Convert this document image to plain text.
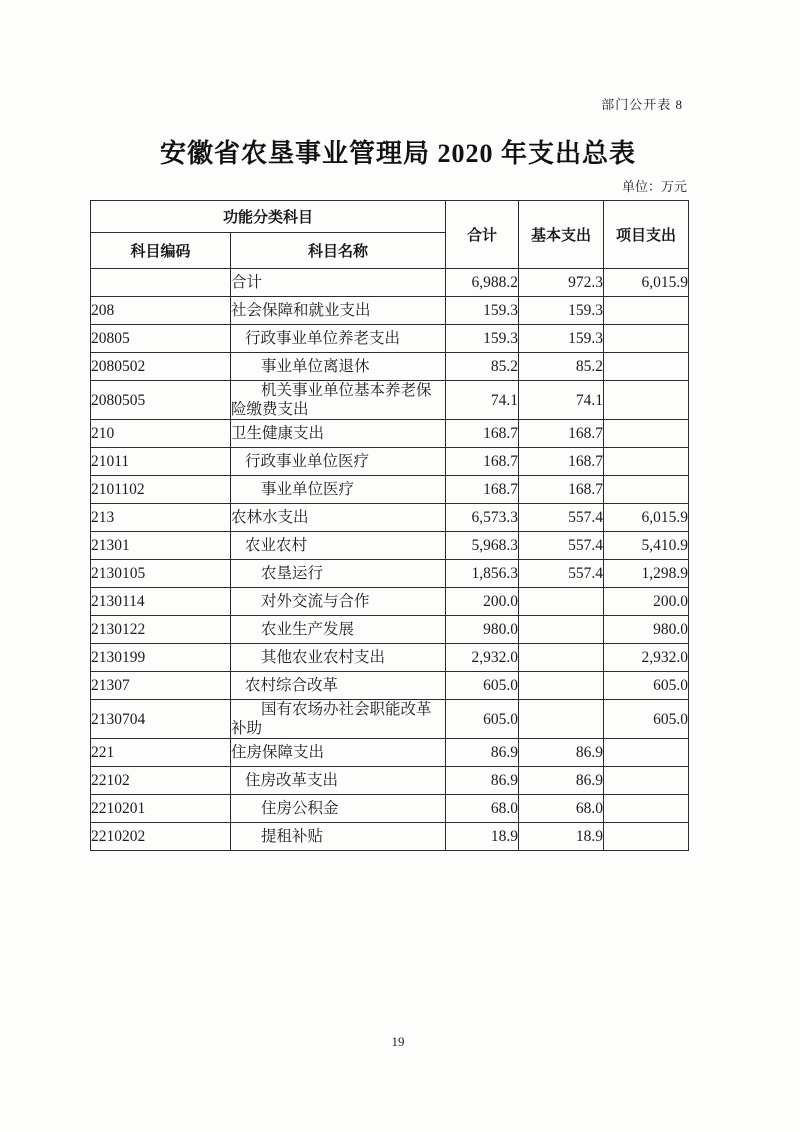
部门公开表 8
安徽省农垦事业管理局 2020 年支出总表
单位：万元
功能分类科目		合计	基本支出	项目支出
科目编码	科目名称			
	合计	6,988.2	972.3	6,015.9
208	社会保障和就业支出	159.3	159.3	
20805	行政事业单位养老支出	159.3	159.3	
2080502	事业单位离退休	85.2	85.2	
2080505	机关事业单位基本养老保险缴费支出	74.1	74.1	
210	卫生健康支出	168.7	168.7	
21011	行政事业单位医疗	168.7	168.7	
2101102	事业单位医疗	168.7	168.7	
213	农林水支出	6,573.3	557.4	6,015.9
21301	农业农村	5,968.3	557.4	5,410.9
2130105	农垦运行	1,856.3	557.4	1,298.9
2130114	对外交流与合作	200.0		200.0
2130122	农业生产发展	980.0		980.0
2130199	其他农业农村支出	2,932.0		2,932.0
21307	农村综合改革	605.0		605.0
2130704	国有农场办社会职能改革补助	605.0		605.0
221	住房保障支出	86.9	86.9	
22102	住房改革支出	86.9	86.9	
2210201	住房公积金	68.0	68.0	
2210202	提租补贴	18.9	18.9	
19
